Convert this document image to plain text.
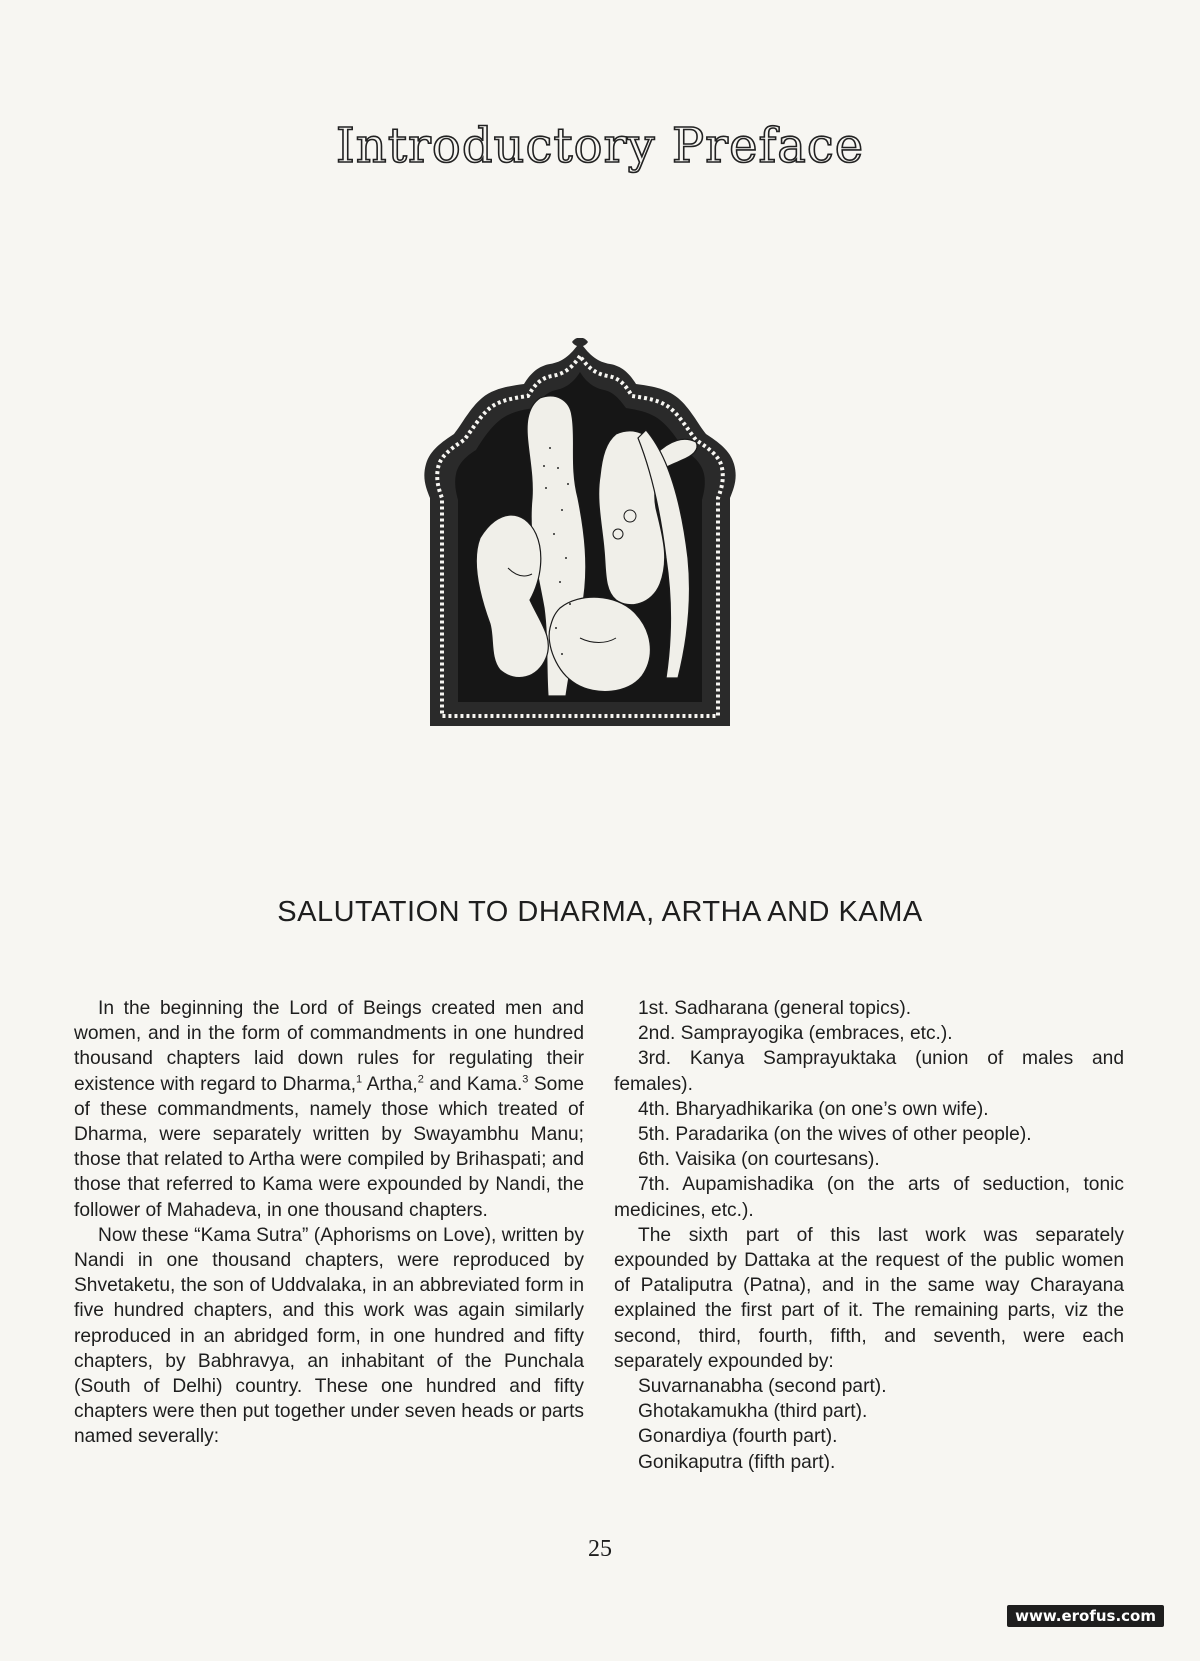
Introductory Preface
SALUTATION TO DHARMA, ARTHA AND KAMA

In the beginning the Lord of Beings created men and women, and in the form of commandments in one hundred thousand chapters laid down rules for regulating their existence with regard to Dharma,$^1$ Artha,$^2$ and Kama.$^3$ Some of these commandments, namely those which treated of Dharma, were separately written by Swayambhu Manu; those that related to Artha were compiled by Brihaspati; and those that referred to Kama were expounded by Nandi, the follower of Mahadeva, in one thousand chapters.

Now these “Kama Sutra” (Aphorisms on Love), written by Nandi in one thousand chapters, were reproduced by Shvetaketu, the son of Uddvalaka, in an abbreviated form in five hundred chapters, and this work was again similarly reproduced in an abridged form, in one hundred and fifty chapters, by Babhravya, an inhabitant of the Punchala (South of Delhi) country. These one hundred and fifty chapters were then put together under seven heads or parts named severally:

1st. Sadharana (general topics).
2nd. Samprayogika (embraces, etc.).
3rd. Kanya Samprayuktaka (union of males and females).
4th. Bharyadhikarika (on one’s own wife).
5th. Paradarika (on the wives of other people).
6th. Vaisika (on courtesans).
7th. Aupamishadika (on the arts of seduction, tonic medicines, etc.).

The sixth part of this last work was separately expounded by Dattaka at the request of the public women of Pataliputra (Patna), and in the same way Charayana explained the first part of it. The remaining parts, viz the second, third, fourth, fifth, and seventh, were each separately expounded by:

Suvarnanabha (second part).
Ghotakamukha (third part).
Gonardiya (fourth part).
Gonikaputra (fifth part).
25
www.erofus.com
